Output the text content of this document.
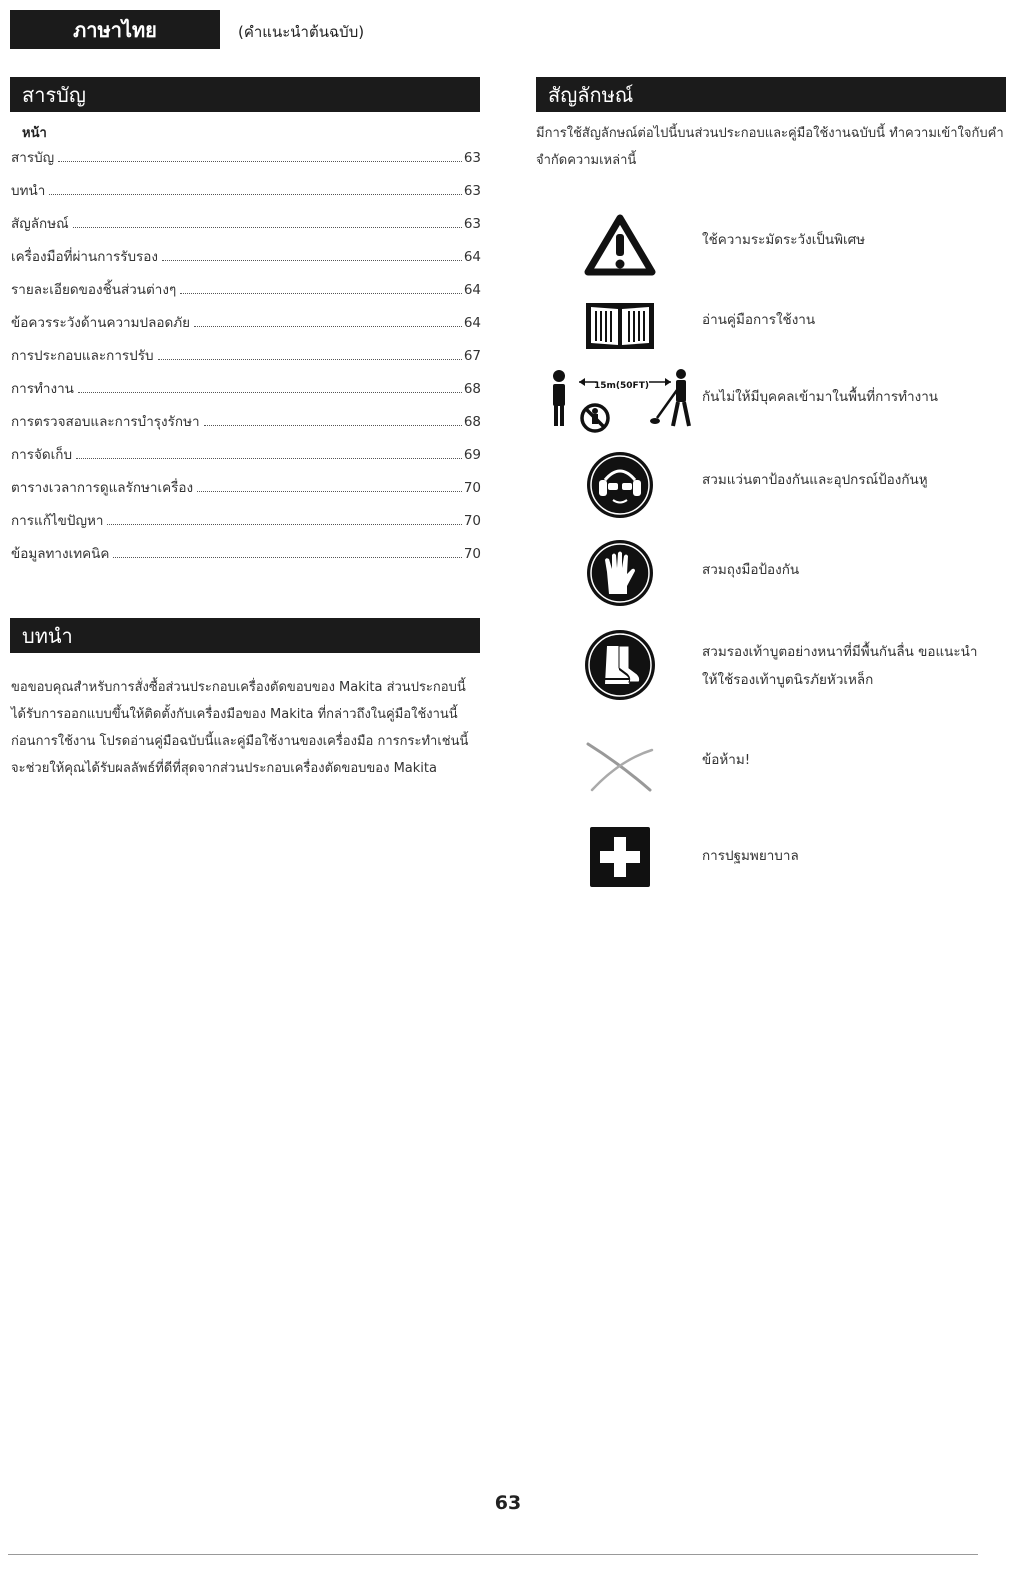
ภาษาไทย	(คำแนะนำต้นฉบับ)
สารบัญ
หน้า
สารบัญ	63
บทนำ	63
สัญลักษณ์	63
เครื่องมือที่ผ่านการรับรอง	64
รายละเอียดของชิ้นส่วนต่างๆ	64
ข้อควรระวังด้านความปลอดภัย	64
การประกอบและการปรับ	67
การทำงาน	68
การตรวจสอบและการบำรุงรักษา	68
การจัดเก็บ	69
ตารางเวลาการดูแลรักษาเครื่อง	70
การแก้ไขปัญหา	70
ข้อมูลทางเทคนิค	70
บทนำ

ขอขอบคุณสำหรับการสั่งซื้อส่วนประกอบเครื่องตัดขอบของ Makita ส่วนประกอบนี้ได้รับการออกแบบขึ้นให้ติดตั้งกับเครื่องมือของ Makita ที่กล่าวถึงในคู่มือใช้งานนี้

ก่อนการใช้งาน โปรดอ่านคู่มือฉบับนี้และคู่มือใช้งานของเครื่องมือ การกระทำเช่นนี้จะช่วยให้คุณได้รับผลลัพธ์ที่ดีที่สุดจากส่วนประกอบเครื่องตัดขอบของ Makita

สัญลักษณ์
มีการใช้สัญลักษณ์ต่อไปนี้บนส่วนประกอบและคู่มือใช้งานฉบับนี้ ทำความเข้าใจกับคำจำกัดความเหล่านี้
ใช้ความระมัดระวังเป็นพิเศษ
อ่านคู่มือการใช้งาน
15m(50FT)
กันไม่ให้มีบุคคลเข้ามาในพื้นที่การทำงาน
สวมแว่นตาป้องกันและอุปกรณ์ป้องกันหู
สวมถุงมือป้องกัน
สวมรองเท้าบูตอย่างหนาที่มีพื้นกันลื่น ขอแนะนำ
ให้ใช้รองเท้าบูตนิรภัยหัวเหล็ก
ข้อห้าม!
การปฐมพยาบาล
63
